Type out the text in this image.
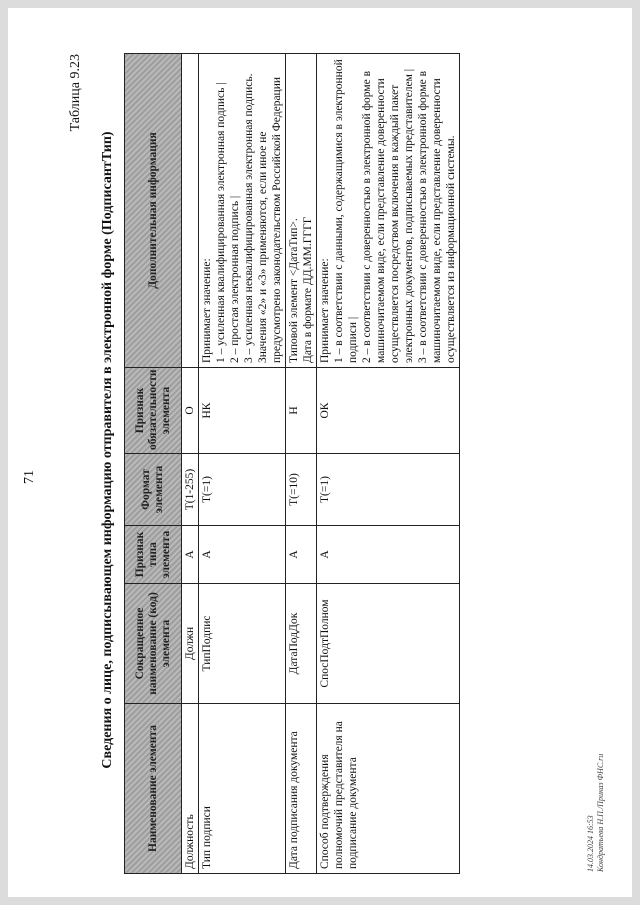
71
Таблица 9.23
Сведения о лице, подписывающем информацию отправителя в электронной форме (ПодписантТип)
Наименование элемента	Сокращенное наименование (код) элемента	Признак типа элемента	Формат элемента	Признак обязательности элемента	Дополнительная информация
Должность	Должн	А	T(1-255)	О	
Тип подписи	ТипПодпис	А	T(=1)	НК	Принимает значение: 1 – усиленная квалифицированная электронная подпись | 2 – простая электронная подпись | 3 – усиленная неквалифицированная электронная подпись. Значения «2» и «3» применяются, если иное не предусмотрено законодательством Российской Федерации

Дата подписания документа	ДатаПодДок	А	T(=10)	Н	Типовой элемент <ДатаТип>. Дата в формате ДД.ММ.ГГГГ

Способ подтверждения полномочий представителя на подписание документа	СпосПодтПолном	А	T(=1)	ОК	Принимает значение: 1 – в соответствии с данными, содержащимися в электронной подписи | 2 – в соответствии с доверенностью в электронной форме в машиночитаемом виде, если представление доверенности осуществляется посредством включения в каждый пакет электронных документов, подписываемых представителем | 3 – в соответствии с доверенностью в электронной форме в машиночитаемом виде, если представление доверенности осуществляется из информационной системы.

14.03.2024 16:53 Кондратьева Н.П./Приказ ФНС.ru
